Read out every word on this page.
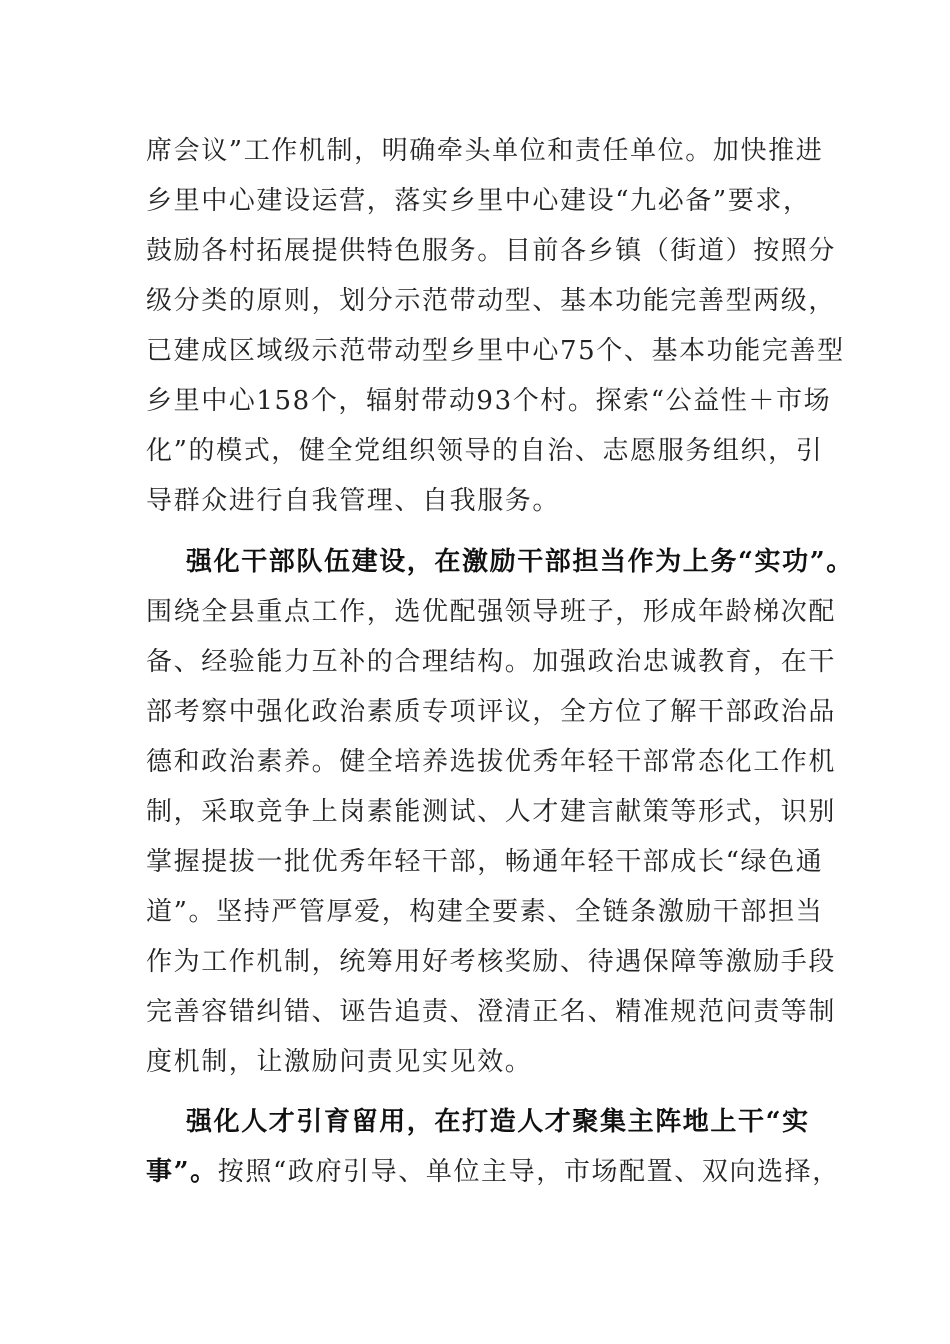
席会议”工作机制，明确牵头单位和责任单位。加快推进
乡里中心建设运营，落实乡里中心建设“九必备”要求，
鼓励各村拓展提供特色服务。目前各乡镇（街道）按照分
级分类的原则，划分示范带动型、基本功能完善型两级，
已建成区域级示范带动型乡里中心75个、基本功能完善型
乡里中心158个，辐射带动93个村。探索“公益性＋市场
化”的模式，健全党组织领导的自治、志愿服务组织，引
导群众进行自我管理、自我服务。
强化干部队伍建设，在激励干部担当作为上务“实功”。
围绕全县重点工作，选优配强领导班子，形成年龄梯次配
备、经验能力互补的合理结构。加强政治忠诚教育，在干
部考察中强化政治素质专项评议，全方位了解干部政治品
德和政治素养。健全培养选拔优秀年轻干部常态化工作机
制，采取竞争上岗素能测试、人才建言献策等形式，识别
掌握提拔一批优秀年轻干部，畅通年轻干部成长“绿色通
道”。坚持严管厚爱，构建全要素、全链条激励干部担当
作为工作机制，统筹用好考核奖励、待遇保障等激励手段
完善容错纠错、诬告追责、澄清正名、精准规范问责等制
度机制，让激励问责见实见效。
强化人才引育留用，在打造人才聚集主阵地上干“实
事”。按照“政府引导、单位主导，市场配置、双向选择，
